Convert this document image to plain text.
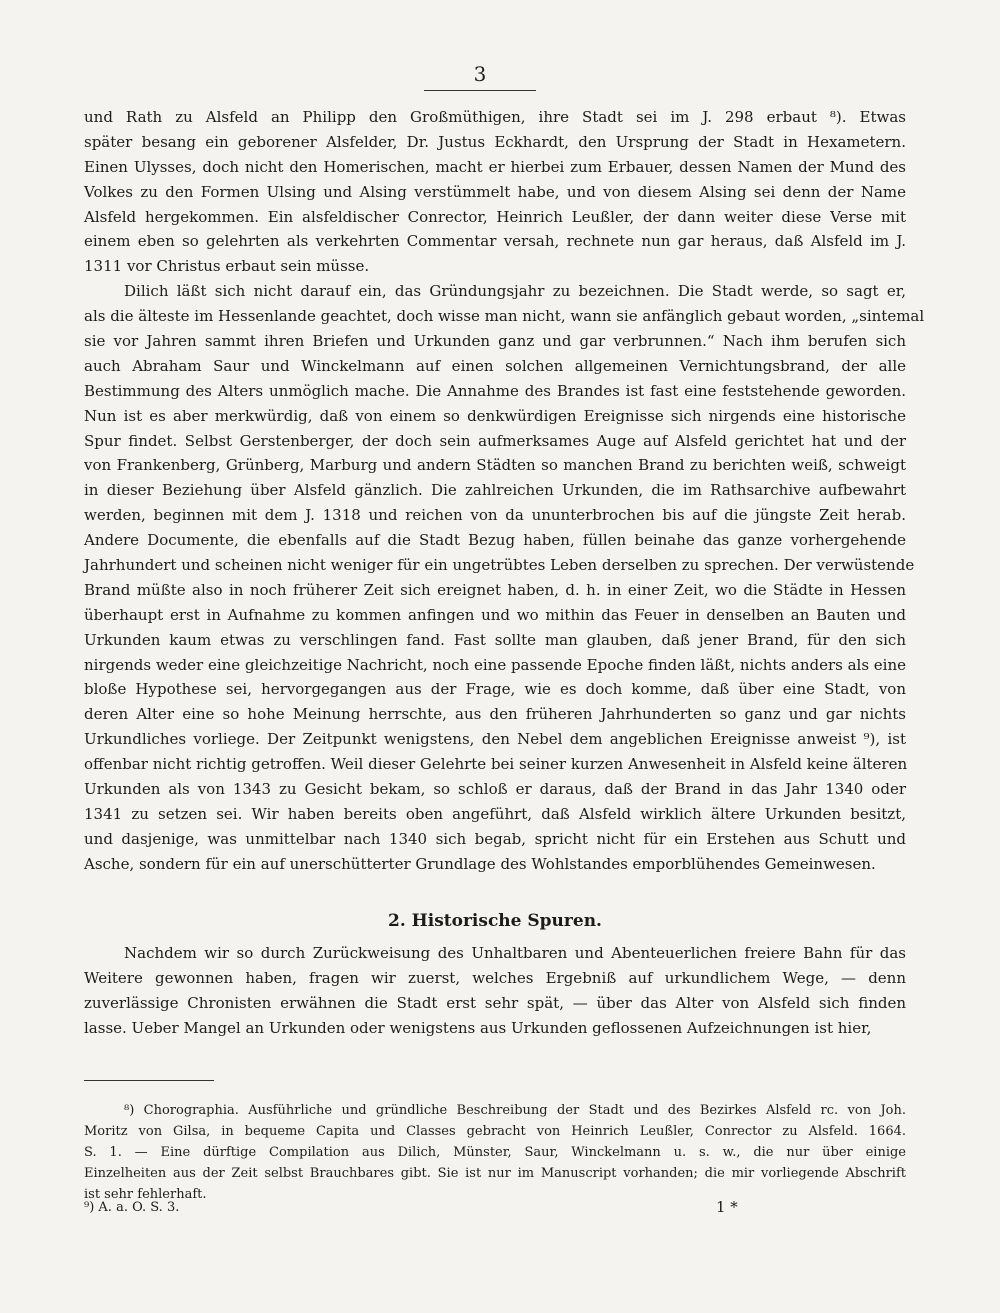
3
und Rath zu Alsfeld an Philipp den Großmüthigen, ihre Stadt sei im J. 298 erbaut ⁸). Etwas
später besang ein geborener Alsfelder, Dr. Justus Eckhardt, den Ursprung der Stadt in Hexametern.
Einen Ulysses, doch nicht den Homerischen, macht er hierbei zum Erbauer, dessen Namen der Mund des
Volkes zu den Formen Ulsing und Alsing verstümmelt habe, und von diesem Alsing sei denn der Name
Alsfeld hergekommen. Ein alsfeldischer Conrector, Heinrich Leußler, der dann weiter diese Verse mit
einem eben so gelehrten als verkehrten Commentar versah, rechnete nun gar heraus, daß Alsfeld im J.
1311 vor Christus erbaut sein müsse.
Dilich läßt sich nicht darauf ein, das Gründungsjahr zu bezeichnen. Die Stadt werde, so sagt er,
als die älteste im Hessenlande geachtet, doch wisse man nicht, wann sie anfänglich gebaut worden, „sintemal
sie vor Jahren sammt ihren Briefen und Urkunden ganz und gar verbrunnen.“ Nach ihm berufen sich
auch Abraham Saur und Winckelmann auf einen solchen allgemeinen Vernichtungsbrand, der alle
Bestimmung des Alters unmöglich mache. Die Annahme des Brandes ist fast eine feststehende geworden.
Nun ist es aber merkwürdig, daß von einem so denkwürdigen Ereignisse sich nirgends eine historische
Spur findet. Selbst Gerstenberger, der doch sein aufmerksames Auge auf Alsfeld gerichtet hat und der
von Frankenberg, Grünberg, Marburg und andern Städten so manchen Brand zu berichten weiß, schweigt
in dieser Beziehung über Alsfeld gänzlich. Die zahlreichen Urkunden, die im Rathsarchive aufbewahrt
werden, beginnen mit dem J. 1318 und reichen von da ununterbrochen bis auf die jüngste Zeit herab.
Andere Documente, die ebenfalls auf die Stadt Bezug haben, füllen beinahe das ganze vorhergehende
Jahrhundert und scheinen nicht weniger für ein ungetrübtes Leben derselben zu sprechen. Der verwüstende
Brand müßte also in noch früherer Zeit sich ereignet haben, d. h. in einer Zeit, wo die Städte in Hessen
überhaupt erst in Aufnahme zu kommen anfingen und wo mithin das Feuer in denselben an Bauten und
Urkunden kaum etwas zu verschlingen fand. Fast sollte man glauben, daß jener Brand, für den sich
nirgends weder eine gleichzeitige Nachricht, noch eine passende Epoche finden läßt, nichts anders als eine
bloße Hypothese sei, hervorgegangen aus der Frage, wie es doch komme, daß über eine Stadt, von
deren Alter eine so hohe Meinung herrschte, aus den früheren Jahrhunderten so ganz und gar nichts
Urkundliches vorliege. Der Zeitpunkt wenigstens, den Nebel dem angeblichen Ereignisse anweist ⁹), ist
offenbar nicht richtig getroffen. Weil dieser Gelehrte bei seiner kurzen Anwesenheit in Alsfeld keine älteren
Urkunden als von 1343 zu Gesicht bekam, so schloß er daraus, daß der Brand in das Jahr 1340 oder
1341 zu setzen sei. Wir haben bereits oben angeführt, daß Alsfeld wirklich ältere Urkunden besitzt,
und dasjenige, was unmittelbar nach 1340 sich begab, spricht nicht für ein Erstehen aus Schutt und
Asche, sondern für ein auf unerschütterter Grundlage des Wohlstandes emporblühendes Gemeinwesen.
2. Historische Spuren.
Nachdem wir so durch Zurückweisung des Unhaltbaren und Abenteuerlichen freiere Bahn für das
Weitere gewonnen haben, fragen wir zuerst, welches Ergebniß auf urkundlichem Wege, — denn
zuverlässige Chronisten erwähnen die Stadt erst sehr spät, — über das Alter von Alsfeld sich finden
lasse. Ueber Mangel an Urkunden oder wenigstens aus Urkunden geflossenen Aufzeichnungen ist hier,
⁸) Chorographia. Ausführliche und gründliche Beschreibung der Stadt und des Bezirkes Alsfeld rc. von Joh.
Moritz von Gilsa, in bequeme Capita und Classes gebracht von Heinrich Leußler, Conrector zu Alsfeld. 1664.
S. 1. — Eine dürftige Compilation aus Dilich, Münster, Saur, Winckelmann u. s. w., die nur über einige
Einzelheiten aus der Zeit selbst Brauchbares gibt. Sie ist nur im Manuscript vorhanden; die mir vorliegende Abschrift
ist sehr fehlerhaft.
⁹) A. a. O. S. 3.	1 *
